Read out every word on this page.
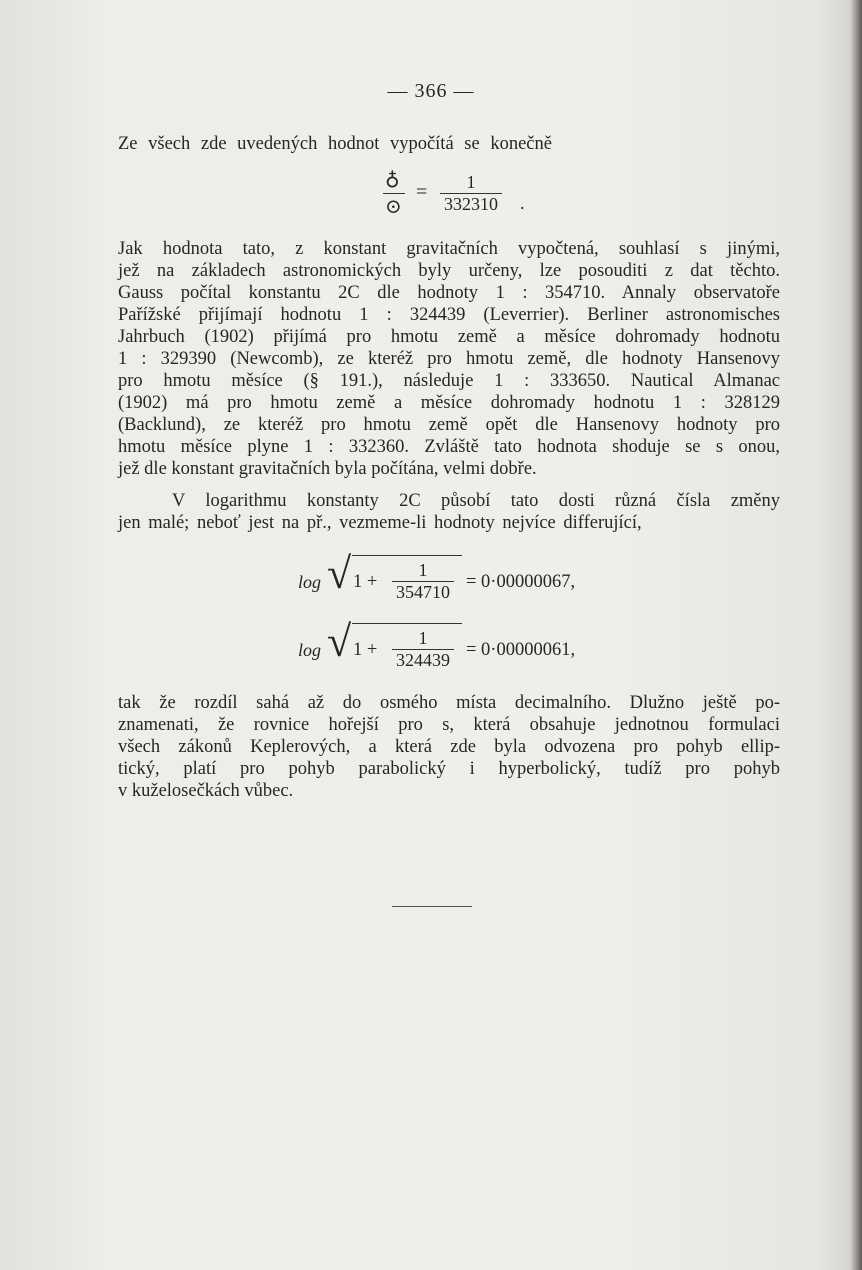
— 366 —
Ze všech zde uvedených hodnot vypočítá se konečně
♁
⊙
= $\frac{1}{332310}$ .
Jak hodnota tato, z konstant gravitačních vypočtená, souhlasí s jinými,
jež na základech astronomických byly určeny, lze posouditi z dat těchto.
Gauss počítal konstantu 2C dle hodnoty 1 : 354710. Annaly observatoře
Pařížské přijímají hodnotu 1 : 324439 (Leverrier). Berliner astronomisches
Jahrbuch (1902) přijímá pro hmotu země a měsíce dohromady hodnotu
1 : 329390 (Newcomb), ze kteréž pro hmotu země, dle hodnoty Hansenovy
pro hmotu měsíce (§ 191.), následuje 1 : 333650. Nautical Almanac
(1902) má pro hmotu země a měsíce dohromady hodnotu 1 : 328129
(Backlund), ze kteréž pro hmotu země opět dle Hansenovy hodnoty pro
hmotu měsíce plyne 1 : 332360. Zvláště tato hodnota shoduje se s onou,
jež dle konstant gravitačních byla počítána, velmi dobře.
V logarithmu konstanty 2C působí tato dosti různá čísla změny
jen malé; neboť jest na př., vezmeme-li hodnoty nejvíce differující,
log √ $1 + \frac{1}{354710} = 0\cdot 00000067$,
log √ $1 + \frac{1}{324439} = 0\cdot 00000061$,
tak že rozdíl sahá až do osmého místa decimalního. Dlužno ještě po-
znamenati, že rovnice hořejší pro s, která obsahuje jednotnou formulaci
všech zákonů Keplerových, a která zde byla odvozena pro pohyb ellip-
tický, platí pro pohyb parabolický i hyperbolický, tudíž pro pohyb
v kuželosečkách vůbec.
